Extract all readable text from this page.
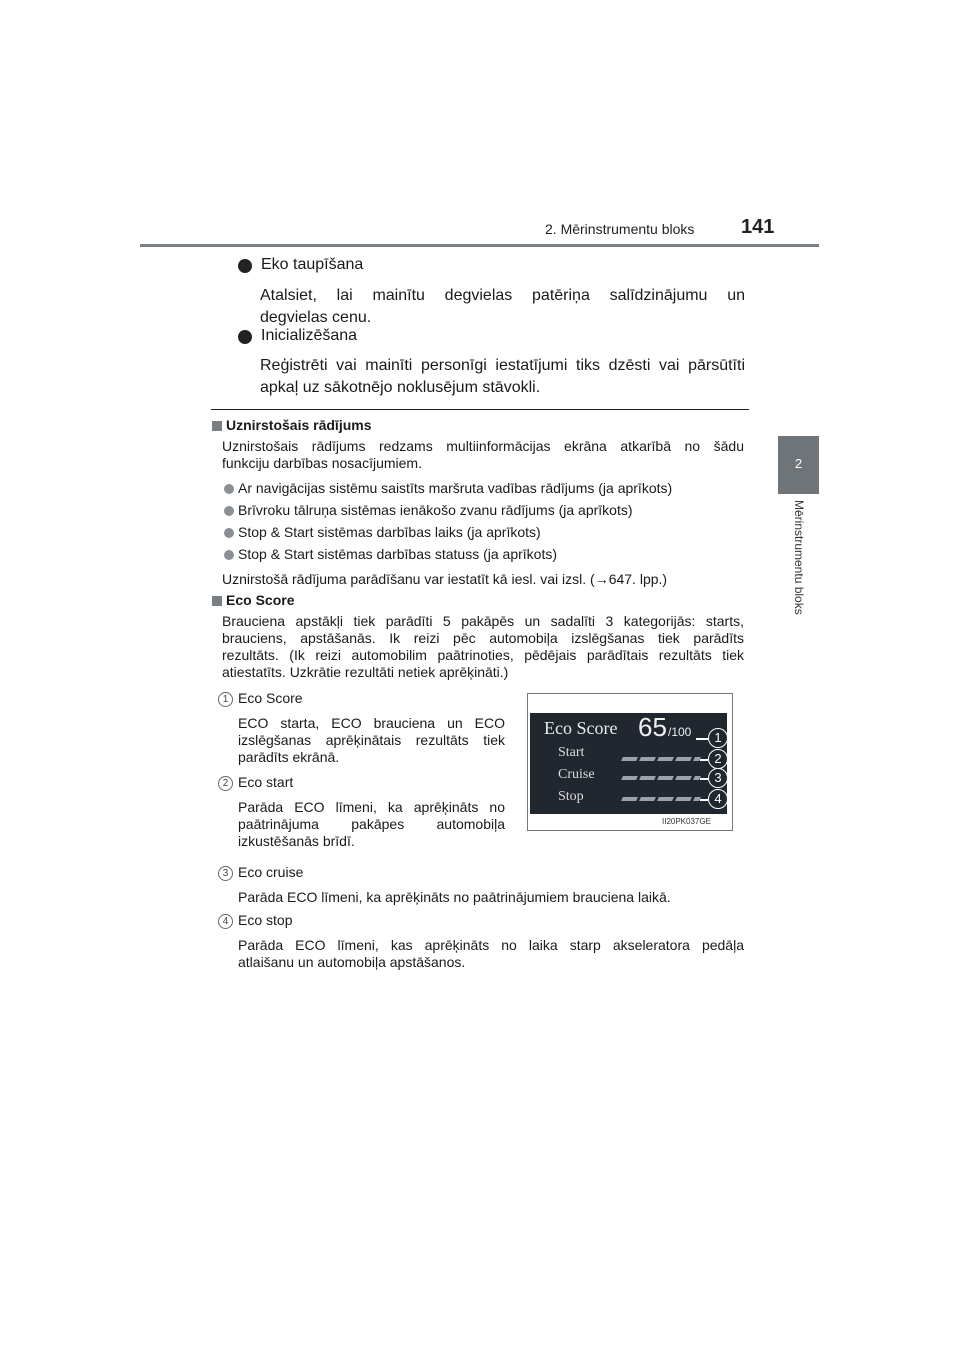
2. Mērinstrumentu bloks 141
2
Mērinstrumentu bloks
Eko taupīšana
Atalsiet, lai mainītu degvielas patēriņa salīdzinājumu un
degvielas cenu.
Inicializēšana
Reģistrēti vai mainīti personīgi iestatījumi tiks dzēsti vai pārsūtīti
apkaļ uz sākotnējo noklusējum stāvokli.
Uznirstošais rādījums
Uznirstošais rādījums redzams multiinformācijas ekrāna atkarībā no šādu
funkciju darbības nosacījumiem.
Ar navigācijas sistēmu saistīts maršruta vadības rādījums (ja aprīkots)
Brīvroku tālruņa sistēmas ienākošo zvanu rādījums (ja aprīkots)
Stop & Start sistēmas darbības laiks (ja aprīkots)
Stop & Start sistēmas darbības statuss (ja aprīkots)
Uznirstošā rādījuma parādīšanu var iestatīt kā iesl. vai izsl. (→647. lpp.)
Eco Score
Brauciena apstākļi tiek parādīti 5 pakāpēs un sadalīti 3 kategorijās: starts,
brauciens, apstāšanās. Ik reizi pēc automobiļa izslēgšanas tiek parādīts
rezultāts. (Ik reizi automobilim paātrinoties, pēdējais parādītais rezultāts tiek
atiestatīts. Uzkrātie rezultāti netiek aprēķināti.)
1 Eco Score
ECO starta, ECO brauciena un ECO
izslēgšanas aprēķinātais rezultāts tiek
parādīts ekrānā.
2 Eco start
Parāda ECO līmeni, ka aprēķināts no
paātrinājuma pakāpes automobiļa
izkustēšanās brīdī.
3 Eco cruise
Parāda ECO līmeni, ka aprēķināts no paātrinājumiem brauciena laikā.
4 Eco stop
Parāda ECO līmeni, kas aprēķināts no laika starp akseleratora pedāļa
atlaišanu un automobiļa apstāšanos.
Eco Score 65 /100
Start
Cruise
Stop
1
2
3
4
II20PK037GE
